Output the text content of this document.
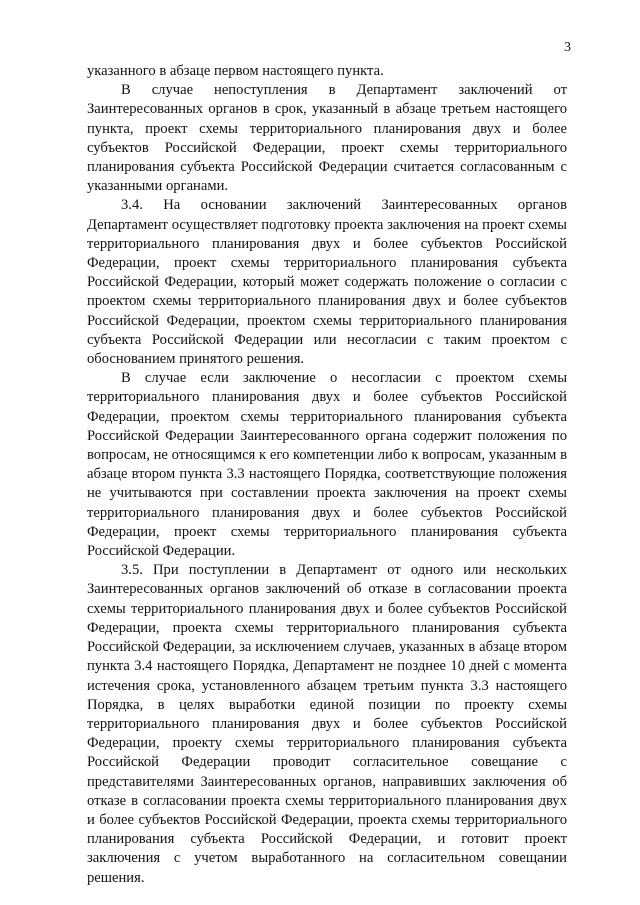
3

указанного в абзаце первом настоящего пункта.

В случае непоступления в Департамент заключений от Заинтересованных органов в срок, указанный в абзаце третьем настоящего пункта, проект схемы территориального планирования двух и более субъектов Российской Федерации, проект схемы территориального планирования субъекта Российской Федерации считается согласованным с указанными органами.

3.4. На основании заключений Заинтересованных органов Департамент осуществляет подготовку проекта заключения на проект схемы территориального планирования двух и более субъектов Российской Федерации, проект схемы территориального планирования субъекта Российской Федерации, который может содержать положение о согласии с проектом схемы территориального планирования двух и более субъектов Российской Федерации, проектом схемы территориального планирования субъекта Российской Федерации или несогласии с таким проектом с обоснованием принятого решения.

В случае если заключение о несогласии с проектом схемы территориального планирования двух и более субъектов Российской Федерации, проектом схемы территориального планирования субъекта Российской Федерации Заинтересованного органа содержит положения по вопросам, не относящимся к его компетенции либо к вопросам, указанным в абзаце втором пункта 3.3 настоящего Порядка, соответствующие положения не учитываются при составлении проекта заключения на проект схемы территориального планирования двух и более субъектов Российской Федерации, проект схемы территориального планирования субъекта Российской Федерации.

3.5. При поступлении в Департамент от одного или нескольких Заинтересованных органов заключений об отказе в согласовании проекта схемы территориального планирования двух и более субъектов Российской Федерации, проекта схемы территориального планирования субъекта Российской Федерации, за исключением случаев, указанных в абзаце втором пункта 3.4 настоящего Порядка, Департамент не позднее 10 дней с момента истечения срока, установленного абзацем третьим пункта 3.3 настоящего Порядка, в целях выработки единой позиции по проекту схемы территориального планирования двух и более субъектов Российской Федерации, проекту схемы территориального планирования субъекта Российской Федерации проводит согласительное совещание с представителями Заинтересованных органов, направивших заключения об отказе в согласовании проекта схемы территориального планирования двух и более субъектов Российской Федерации, проекта схемы территориального планирования субъекта Российской Федерации, и готовит проект заключения с учетом выработанного на согласительном совещании решения.
